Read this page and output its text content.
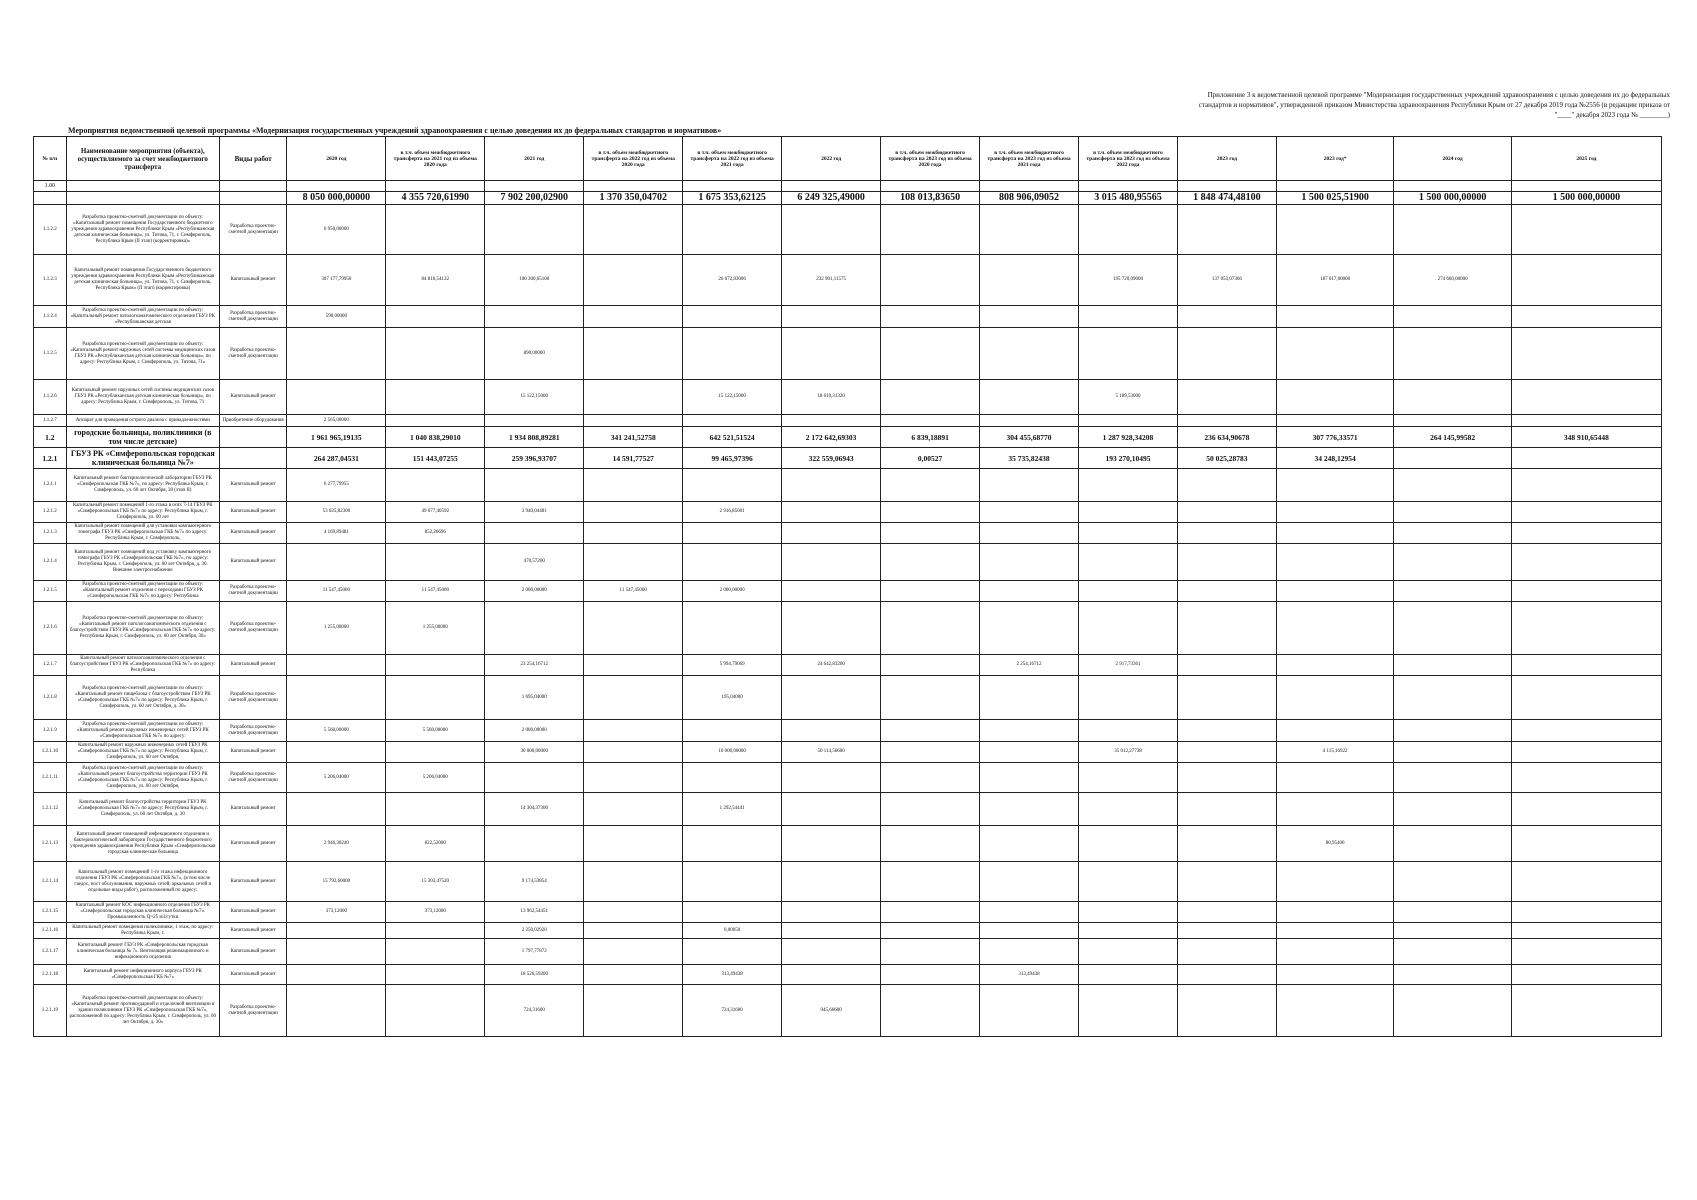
Приложение 3 к ведомственной целевой программе "Модернизация государственных учреждений здравоохранения с целью доведения их до федеральных стандартов и нормативов", утвержденной приказом Министерства здравоохранения Республики Крым от 27 декабря 2019 года №2556 (в редакции приказа от "____" декабря 2023 года № ________)
Мероприятия ведомственной целевой программы «Модернизация государственных учреждений здравоохранения с целью доведения их до федеральных стандартов и нормативов»
№ п/п	Наименование мероприятия (объекта), осуществляемого за счет межбюджетного трансферта	Виды работ	2020 год	в т.ч. объем межбюджетного трансферта на 2021 год из объема 2020 года	2021 год	в т.ч. объем межбюджетного трансферта на 2022 год из объема 2020 года	в т.ч. объем межбюджетного трансферта на 2022 год из объема 2021 года	2022 год	в т.ч. объем межбюджетного трансферта на 2023 год из объема 2020 года	в т.ч. объем межбюджетного трансферта на 2023 год из объема 2021 года	в т.ч. объем межбюджетного трансферта на 2023 год из объема 2022 года	2023 год	2023 год*	2024 год	2025 год
1.00															
			8 050 000,00000	4 355 720,61990	7 902 200,02900	1 370 350,04702	1 675 353,62125	6 249 325,49000	108 013,83650	808 906,09052	3 015 480,95565	1 848 474,48100	1 500 025,51900	1 500 000,00000	1 500 000,00000
1.1.2.2	Разработка проектно-сметной документации по объекту: «Капитальный ремонт помещения Государственного бюджетного учреждения здравоохранения Республики Крым «Республиканская детская клиническая больница», ул. Титова, 71, г. Симферополь, Республика Крым (II этап) (корректировка)»	Разработка проектно-сметной документации	6 950,00000												
1.1.2.3	Капитальный ремонт помещения Государственного бюджетного учреждения здравоохранения Республики Крым «Республиканская детская клиническая больница», ул. Титова, 71, г. Симферополь, Республика Крым» (II этап) (корректировка)	Капитальный ремонт	307 177,79950	84 810,54132	100 300,65100		26 672,83006	232 901,11575			195 720,09000	137 053,07366	187 017,00000	274 660,00000	
1.1.2.4	Разработка проектно-сметной документации по объекту: «Капитальный ремонт патологоанатомического отделения ГБУЗ РК «Республиканская детская	Разработка проектно-сметной документации	590,00000												
1.1.2.5	Разработка проектно-сметной документации по объекту: «Капитальный ремонт наружных сетей системы медицинских газов ГБУЗ РК «Республиканская детская клиническая больница», по адресу: Республика Крым, г. Симферополь, ул. Титова, 71»	Разработка проектно-сметной документации			890,00000										
1.1.2.6	Капитальный ремонт наружных сетей системы медицинских газов ГБУЗ РК «Республиканская детская клиническая больница», по адресу: Республика Крым, г. Симферополь, ул. Титова, 71	Капитальный ремонт			15 122,15000		15 122,15000	18 610,31320			5 189,53000				
1.1.2.7	Аппарат для проведения острого диализа с принадлежностями	Приобретение оборудования	2 565,00000												
1.2	городские больницы, поликлиники (в том числе детские)		1 961 965,19135	1 040 838,29010	1 934 808,89281	341 241,52758	642 521,51524	2 172 642,69303	6 839,18891	304 455,68770	1 287 928,34208	236 634,90678	307 776,33571	264 145,99582	348 910,65448
1.2.1	ГБУЗ РК «Симферопольская городская клиническая больница №7»		264 287,04531	151 443,07255	259 396,93707	14 591,77527	99 465,97396	322 559,06943	0,00527	35 735,82438	193 270,10495	50 025,28783	34 248,12954		
1.2.1.1	Капитальный ремонт бактериологической лаборатории ГБУЗ РК «Симферопольская ГКБ №7», по адресу: Республика Крым, г. Симферополь, ул. 60 лет Октября, 30 (этап II)	Капитальный ремонт	6 277,79955												
1.2.1.2	Капитальный ремонт помещений 1-го этажа в осях 7-14 ГБУЗ РК «Симферопольская ГКБ №7» по адресу: Республика Крым, г. Симферополь, ул. 60 лет	Капитальный ремонт	53 025,82300	49 677,40592	3 940,04481		2 916,85001								
1.2.1.3	Капитальный ремонт помещений для установки компьютерного томографа ГБУЗ РК «Симферопольская ГКБ №7» по адресу: Республика Крым, г. Симферополь,	Капитальный ремонт	4 169,89481	852,26696											
1.2.1.4	Капитальный ремонт помещений под установку компьютерного томографа ГБУЗ РК «Симферопольская ГКБ №7», по адресу: Республика Крым, г. Симферополь, ул. 60 лет Октября, д. 30. Внешнее электроснабжение	Капитальный ремонт			470,57200										
1.2.1.5	Разработка проектно-сметной документации по объекту: «Капитальный ремонт отделения с переходами ГБУЗ РК «Симферопольская ГКБ №7» по адресу: Республика	Разработка проектно-сметной документации	11 547,45000	11 547,45000	2 000,00000	11 547,45000	2 000,00000								
1.2.1.6	Разработка проектно-сметной документации по объекту: «Капитальный ремонт патологоанатомического отделения с благоустройством ГБУЗ РК «Симферопольская ГКБ №7» по адресу: Республика Крым, г. Симферополь, ул. 60 лет Октября, 30»	Разработка проектно-сметной документации	1 255,00000	1 255,00000											
1.2.1.7	Капитальный ремонт патологоанатомического отделения с благоустройством ГБУЗ РК «Симферопольская ГКБ №7» по адресу: Республика	Капитальный ремонт			23 254,16712		5 994,79069	24 642,83200		2 254,16712	2 917,73361				
1.2.1.8	Разработка проектно-сметной документации по объекту: «Капитальный ремонт пищеблока с благоустройством ГБУЗ РК «Симферопольская ГКБ №7» по адресу: Республика Крым, г. Симферополь, ул. 60 лет Октября, д. 30»	Разработка проектно-сметной документации			1 695,04000		195,04000								
1.2.1.9	Разработка проектно-сметной документации по объекту: «Капитальный ремонт наружных инженерных сетей ГБУЗ РК «Симферопольская ГКБ №7» по адресу:	Разработка проектно-сметной документации	5 560,00000	5 560,00000	2 000,00000										
1.2.1.10	Капитальный ремонт наружных инженерных сетей ГБУЗ РК «Симферопольская ГКБ №7» по адресу: Республика Крым, г. Симферополь, ул. 60 лет Октября,	Капитальный ремонт			30 000,00000		10 000,00000	50 114,56600			35 012,27738		4 115,16922		
1.2.1.11	Разработка проектно-сметной документации по объекту: «Капитальный ремонт благоустройства территории ГБУЗ РК «Симферопольская ГКБ №7» по адресу: Республика Крым, г. Симферополь, ул. 60 лет Октября,	Разработка проектно-сметной документации	5 206,04000	5 206,04000											
1.2.1.12	Капитальный ремонт благоустройства территории ГБУЗ РК «Симферопольская ГКБ №7» по адресу: Республика Крым, г. Симферополь, ул. 60 лет Октября, д. 30	Капитальный ремонт			14 304,37300		1 292,54441								
1.2.1.13	Капитальный ремонт помещений инфекционного отделения и бактериологической лаборатории Государственного бюджетного учреждения здравоохранения Республики Крым «Симферопольская городская клиническая больница	Капитальный ремонт	2 946,30240	822,52000									80,95400		
1.2.1.14	Капитальный ремонт помещений 1-го этажа инфекционного отделения ГБУЗ РК «Симферопольская ГКБ №7», (в том числе гаедос, пост обслуживания, наружных сетей, аркальных сетей и отдельные виды работ), расположенный по адресу:	Капитальный ремонт	15 792,60000	15 303,47520	9 174,53854										
1.2.1.15	Капитальный ремонт КОС инфекционного отделения ГБУЗ РК «Симферопольская городская клиническая больница №7». Промышленность Q=25 м3/сутки	Капитальный ремонт	373,12000	373,12000	13 962,54451										
1.2.1.16	Капитальный ремонт помещения поликлиники, 1 этаж, по адресу: Республика Крым, г.	Капитальный ремонт			2 250,02920		0,00050								
1.2.1.17	Капитальный ремонт ГБУЗ РК «Симферопольская городская клиническая больница № 7». Вентиляция реанимационного и инфекционного отделения	Капитальный ремонт			1 797,77872										
1.2.1.18	Капитальный ремонт инфекционного корпуса ГБУЗ РК «Симферопольская ГКБ №7»	Капитальный ремонт			18 526,59200		313,49438			313,49438					
1.2.1.19	Разработка проектно-сметной документации по объекту: «Капитальный ремонт противоударной и отделочной вентиляции в здании поликлиники ГБУЗ РК «Симферопольская ГКБ №7», расположенной по адресу: Республика Крым, г. Симферополь, ул. 60 лет Октября, д. 30»	Разработка проектно-сметной документации			724,31600		724,31600	945,66600							
